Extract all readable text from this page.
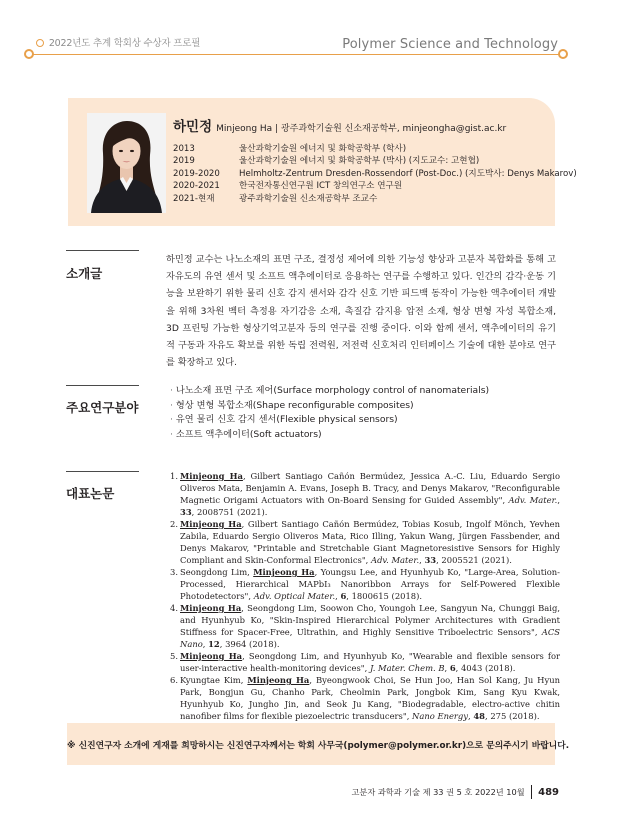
2022년도 추계 학회상 수상자 프로필	Polymer Science and Technology
하민정 Minjeong Ha | 광주과학기술원 신소재공학부, minjeongha@gist.ac.kr
2013	울산과학기술원 에너지 및 화학공학부 (학사)
2019	울산과학기술원 에너지 및 화학공학부 (박사) (지도교수: 고현협)
2019-2020	Helmholtz-Zentrum Dresden-Rossendorf (Post-Doc.) (지도박사: Denys Makarov)
2020-2021	한국전자통신연구원 ICT 창의연구소 연구원
2021-현재	광주과학기술원 신소재공학부 조교수
소개글
하민정 교수는 나노소재의 표면 구조, 결정성 제어에 의한 기능성 향상과 고분자 복합화를 통해 고자유도의 유연 센서 및 소프트 액추에이터로 응용하는 연구를 수행하고 있다. 인간의 감각·운동 기능을 보완하기 위한 물리 신호 감지 센서와 감각 신호 기반 피드백 동작이 가능한 액추에이터 개발을 위해 3차원 벡터 측정용 자기감응 소재, 촉질감 감지용 압전 소재, 형상 변형 자성 복합소재, 3D 프린팅 가능한 형상기억고분자 등의 연구를 진행 중이다. 이와 함께 센서, 액추에이터의 유기적 구동과 자유도 확보를 위한 독립 전력원, 저전력 신호처리 인터페이스 기술에 대한 분야로 연구를 확장하고 있다.
주요연구분야
· 나노소재 표면 구조 제어(Surface morphology control of nanomaterials)
· 형상 변형 복합소재(Shape reconfigurable composites)
· 유연 물리 신호 감지 센서(Flexible physical sensors)
· 소프트 액추에이터(Soft actuators)
대표논문
1. Minjeong Ha, Gilbert Santiago Cañón Bermúdez, Jessica A.-C. Liu, Eduardo Sergio Oliveros Mata, Benjamin A. Evans, Joseph B. Tracy, and Denys Makarov, "Reconfigurable Magnetic Origami Actuators with On-Board Sensing for Guided Assembly", Adv. Mater., 33, 2008751 (2021).
2. Minjeong Ha, Gilbert Santiago Cañón Bermúdez, Tobias Kosub, Ingolf Mönch, Yevhen Zabila, Eduardo Sergio Oliveros Mata, Rico Illing, Yakun Wang, Jürgen Fassbender, and Denys Makarov, "Printable and Stretchable Giant Magnetoresistive Sensors for Highly Compliant and Skin-Conformal Electronics", Adv. Mater., 33, 2005521 (2021).
3. Seongdong Lim, Minjeong Ha, Youngsu Lee, and Hyunhyub Ko, "Large-Area, Solution-Processed, Hierarchical MAPbI₃ Nanoribbon Arrays for Self-Powered Flexible Photodetectors", Adv. Optical Mater., 6, 1800615 (2018).
4. Minjeong Ha, Seongdong Lim, Soowon Cho, Youngoh Lee, Sangyun Na, Chunggi Baig, and Hyunhyub Ko, "Skin-Inspired Hierarchical Polymer Architectures with Gradient Stiffness for Spacer-Free, Ultrathin, and Highly Sensitive Triboelectric Sensors", ACS Nano, 12, 3964 (2018).
5. Minjeong Ha, Seongdong Lim, and Hyunhyub Ko, "Wearable and flexible sensors for user-interactive health-monitoring devices", J. Mater. Chem. B, 6, 4043 (2018).
6. Kyungtae Kim, Minjeong Ha, Byeongwook Choi, Se Hun Joo, Han Sol Kang, Ju Hyun Park, Bongjun Gu, Chanho Park, Cheolmin Park, Jongbok Kim, Sang Kyu Kwak, Hyunhyub Ko, Jungho Jin, and Seok Ju Kang, "Biodegradable, electro-active chitin nanofiber films for flexible piezoelectric transducers", Nano Energy, 48, 275 (2018).
※ 신진연구자 소개에 게재를 희망하시는 신진연구자께서는 학회 사무국(polymer@polymer.or.kr)으로 문의주시기 바랍니다.
고분자 과학과 기술 제 33 권 5 호 2022년 10월 489
